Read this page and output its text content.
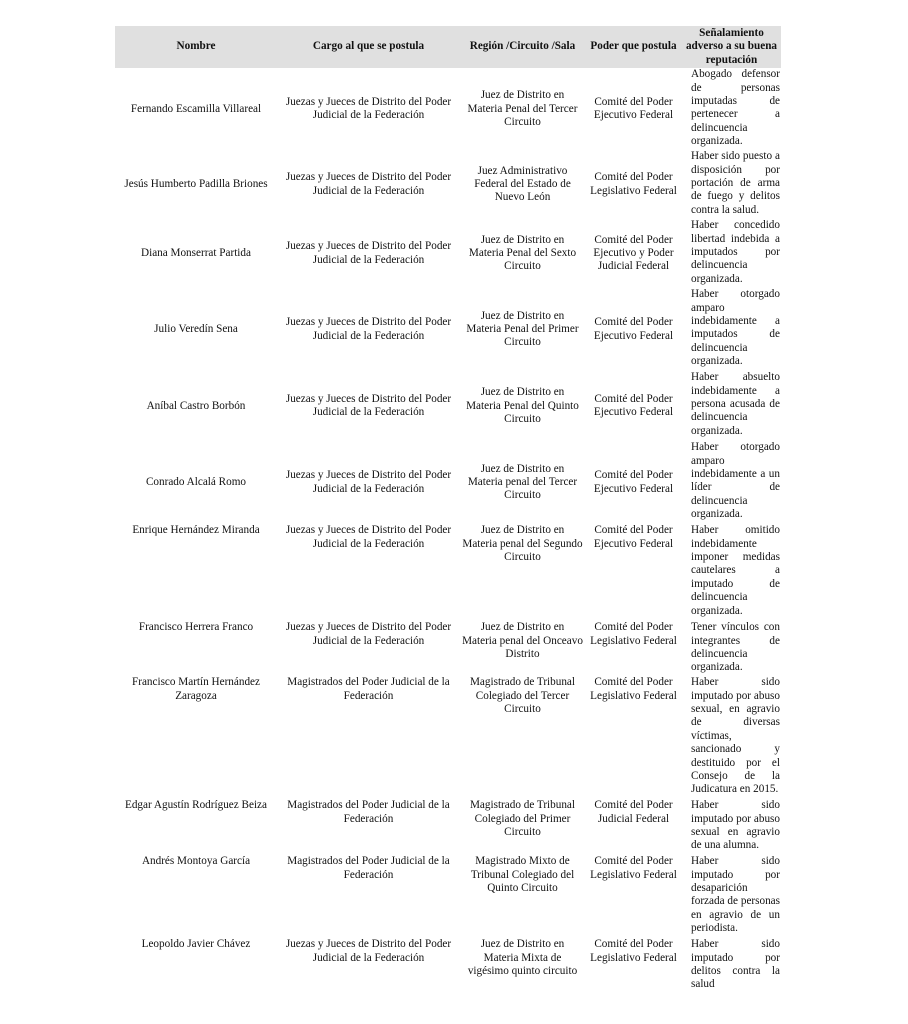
Nombre	Cargo al que se postula	Región /Circuito /Sala	Poder que postula	Señalamiento adverso a su buena reputación
Fernando Escamilla Villareal	Juezas y Jueces de Distrito del Poder Judicial de la Federación	Juez de Distrito en Materia Penal del Tercer Circuito	Comité del Poder Ejecutivo Federal	Abogado defensor de personas imputadas de pertenecer a delincuencia organizada.
Jesús Humberto Padilla Briones	Juezas y Jueces de Distrito del Poder Judicial de la Federación	Juez Administrativo Federal del Estado de Nuevo León	Comité del Poder Legislativo Federal	Haber sido puesto a disposición por portación de arma de fuego y delitos contra la salud.
Diana Monserrat Partida	Juezas y Jueces de Distrito del Poder Judicial de la Federación	Juez de Distrito en Materia Penal del Sexto Circuito	Comité del Poder Ejecutivo y Poder Judicial Federal	Haber concedido libertad indebida a imputados por delincuencia organizada.
Julio Veredín Sena	Juezas y Jueces de Distrito del Poder Judicial de la Federación	Juez de Distrito en Materia Penal del Primer Circuito	Comité del Poder Ejecutivo Federal	Haber otorgado amparo indebidamente a imputados de delincuencia organizada.
Aníbal Castro Borbón	Juezas y Jueces de Distrito del Poder Judicial de la Federación	Juez de Distrito en Materia Penal del Quinto Circuito	Comité del Poder Ejecutivo Federal	Haber absuelto indebidamente a persona acusada de delincuencia organizada.
Conrado Alcalá Romo	Juezas y Jueces de Distrito del Poder Judicial de la Federación	Juez de Distrito en Materia penal del Tercer Circuito	Comité del Poder Ejecutivo Federal	Haber otorgado amparo indebidamente a un líder de delincuencia organizada.
Enrique Hernández Miranda	Juezas y Jueces de Distrito del Poder Judicial de la Federación	Juez de Distrito en Materia penal del Segundo Circuito	Comité del Poder Ejecutivo Federal	Haber omitido indebidamente imponer medidas cautelares a imputado de delincuencia organizada.
Francisco Herrera Franco	Juezas y Jueces de Distrito del Poder Judicial de la Federación	Juez de Distrito en Materia penal del Onceavo Distrito	Comité del Poder Legislativo Federal	Tener vínculos con integrantes de delincuencia organizada.
Francisco Martín Hernández Zaragoza	Magistrados del Poder Judicial de la Federación	Magistrado de Tribunal Colegiado del Tercer Circuito	Comité del Poder Legislativo Federal	Haber sido imputado por abuso sexual, en agravio de diversas víctimas, sancionado y destituido por el Consejo de la Judicatura en 2015.
Edgar Agustín Rodríguez Beiza	Magistrados del Poder Judicial de la Federación	Magistrado de Tribunal Colegiado del Primer Circuito	Comité del Poder Judicial Federal	Haber sido imputado por abuso sexual en agravio de una alumna.
Andrés Montoya García	Magistrados del Poder Judicial de la Federación	Magistrado Mixto de Tribunal Colegiado del Quinto Circuito	Comité del Poder Legislativo Federal	Haber sido imputado por desaparición forzada de personas en agravio de un periodista.
Leopoldo Javier Chávez	Juezas y Jueces de Distrito del Poder Judicial de la Federación	Juez de Distrito en Materia Mixta de vigésimo quinto circuito	Comité del Poder Legislativo Federal	Haber sido imputado por delitos contra la salud
